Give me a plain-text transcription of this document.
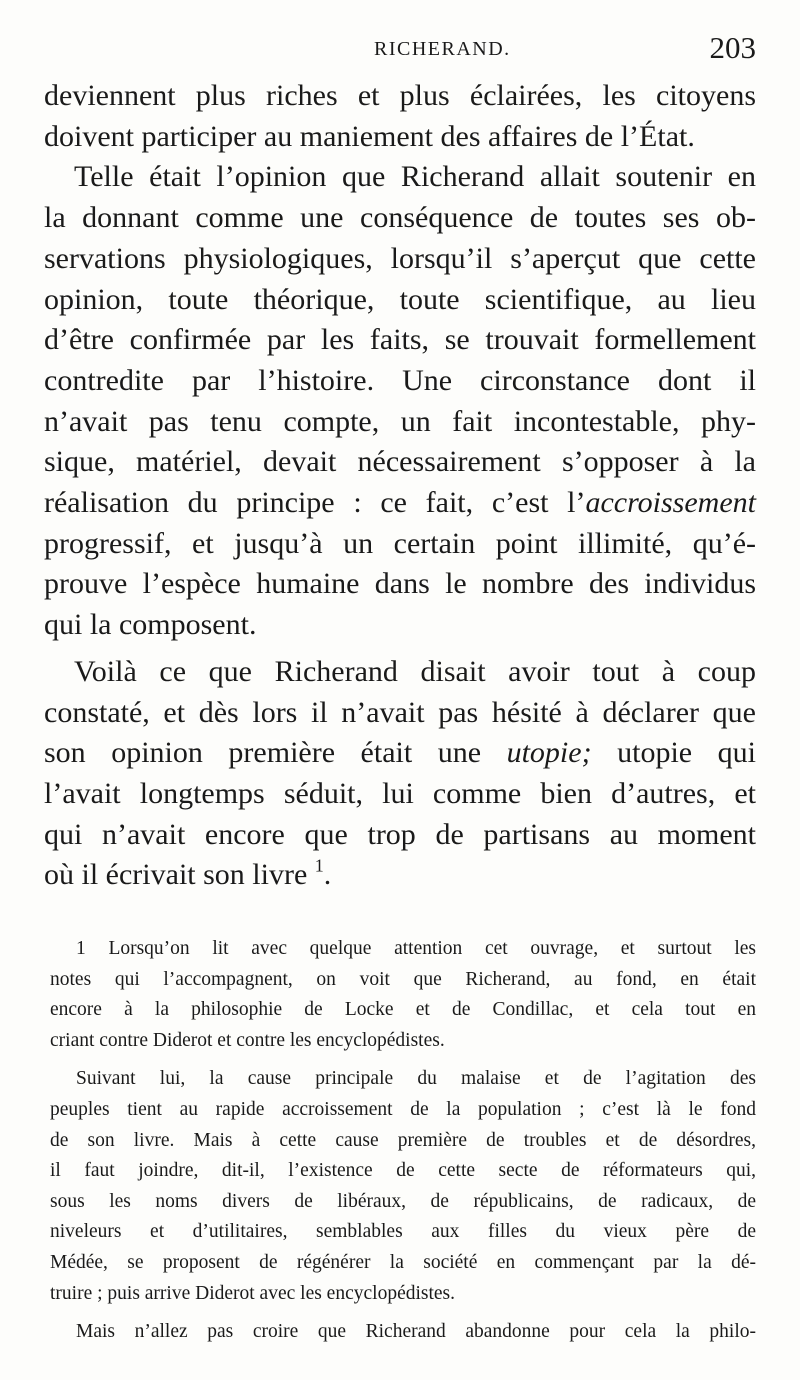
RICHERAND.	203
deviennent plus riches et plus éclairées, les citoyens
doivent participer au maniement des affaires de l’État.
Telle était l’opinion que Richerand allait soutenir en
la donnant comme une conséquence de toutes ses ob-
servations physiologiques, lorsqu’il s’aperçut que cette
opinion, toute théorique, toute scientifique, au lieu
d’être confirmée par les faits, se trouvait formellement
contredite par l’histoire. Une circonstance dont il
n’avait pas tenu compte, un fait incontestable, phy-
sique, matériel, devait nécessairement s’opposer à la
réalisation du principe : ce fait, c’est l’accroissement
progressif, et jusqu’à un certain point illimité, qu’é-
prouve l’espèce humaine dans le nombre des individus
qui la composent.
Voilà ce que Richerand disait avoir tout à coup
constaté, et dès lors il n’avait pas hésité à déclarer que
son opinion première était une utopie; utopie qui
l’avait longtemps séduit, lui comme bien d’autres, et
qui n’avait encore que trop de partisans au moment
où il écrivait son livre $^1$.
1 Lorsqu’on lit avec quelque attention cet ouvrage, et surtout les
notes qui l’accompagnent, on voit que Richerand, au fond, en était
encore à la philosophie de Locke et de Condillac, et cela tout en
criant contre Diderot et contre les encyclopédistes.
Suivant lui, la cause principale du malaise et de l’agitation des
peuples tient au rapide accroissement de la population ; c’est là le fond
de son livre. Mais à cette cause première de troubles et de désordres,
il faut joindre, dit-il, l’existence de cette secte de réformateurs qui,
sous les noms divers de libéraux, de républicains, de radicaux, de
niveleurs et d’utilitaires, semblables aux filles du vieux père de
Médée, se proposent de régénérer la société en commençant par la dé-
truire ; puis arrive Diderot avec les encyclopédistes.
Mais n’allez pas croire que Richerand abandonne pour cela la philo-
